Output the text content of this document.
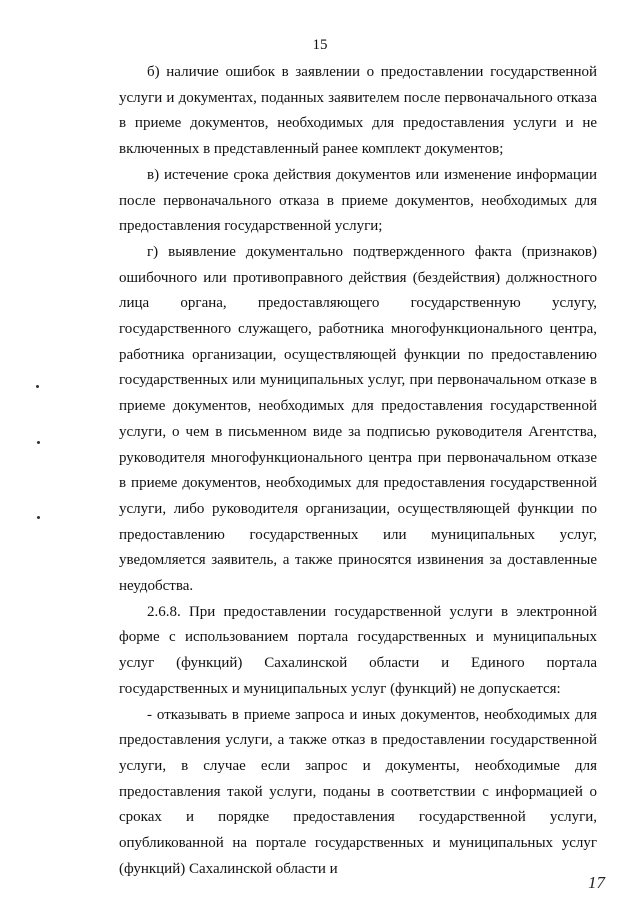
15

б) наличие ошибок в заявлении о предоставлении государственной услуги и документах, поданных заявителем после первоначального отказа в приеме документов, необходимых для предоставления услуги и не включенных в представленный ранее комплект документов;

в) истечение срока действия документов или изменение информации после первоначального отказа в приеме документов, необходимых для предоставления государственной услуги;

г) выявление документально подтвержденного факта (признаков) ошибочного или противоправного действия (бездействия) должностного лица органа, предоставляющего государственную услугу, государственного служащего, работника многофункционального центра, работника организации, осуществляющей функции по предоставлению государственных или муниципальных услуг, при первоначальном отказе в приеме документов, необходимых для предоставления государственной услуги, о чем в письменном виде за подписью руководителя Агентства, руководителя многофункционального центра при первоначальном отказе в приеме документов, необходимых для предоставления государственной услуги, либо руководителя организации, осуществляющей функции по предоставлению государственных или муниципальных услуг, уведомляется заявитель, а также приносятся извинения за доставленные неудобства.

2.6.8. При предоставлении государственной услуги в электронной форме с использованием портала государственных и муниципальных услуг (функций) Сахалинской области и Единого портала государственных и муниципальных услуг (функций) не допускается:

- отказывать в приеме запроса и иных документов, необходимых для предоставления услуги, а также отказ в предоставлении государственной услуги, в случае если запрос и документы, необходимые для предоставления такой услуги, поданы в соответствии с информацией о сроках и порядке предоставления государственной услуги, опубликованной на портале государственных и муниципальных услуг (функций) Сахалинской области и

17
